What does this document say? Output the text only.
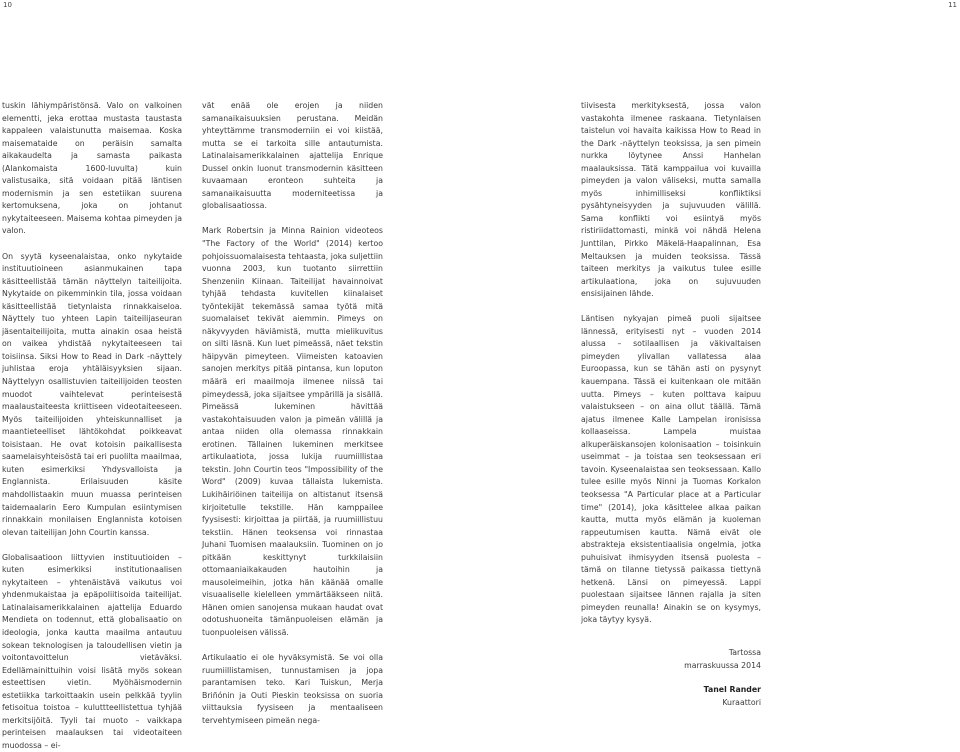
10	11

tuskin lähiympäristönsä. Valo on valkoinen elementti, jeka erottaa mustasta taustasta kappaleen valaistunutta maisemaa. Koska maisemataide on peräisin samalta aikakaudelta ja samasta paikasta (Alankomaista 1600-luvulta) kuin valistusaika, sitä voidaan pitää läntisen modernismin ja sen estetiikan suurena kertomuksena, joka on johtanut nykytaiteeseen. Maisema kohtaa pimeyden ja valon.

On syytä kyseenalaistaa, onko nykytaide instituutioineen asianmukainen tapa käsitteellistää tämän näyttelyn taiteilijoita. Nykytaide on pikemminkin tila, jossa voidaan käsitteellistää tietynlaista rinnakkaiseloa. Näyttely tuo yhteen Lapin taiteilijaseuran jäsentaiteilijoita, mutta ainakin osaa heistä on vaikea yhdistää nykytaiteeseen tai toisiinsa. Siksi How to Read in Dark -näyttely juhlistaa eroja yhtäläisyyksien sijaan. Näyttelyyn osallistuvien taiteilijoiden teosten muodot vaihtelevat perinteisestä maalaustaiteesta kriittiseen videotaiteeseen. Myös taiteilijoiden yhteiskunnalliset ja maantieteelliset lähtökohdat poikkeavat toisistaan. He ovat kotoisin paikallisesta saamelaisyhteisöstä tai eri puolilta maailmaa, kuten esimerkiksi Yhdysvalloista ja Englannista. Erilaisuuden käsite mahdollistaakin muun muassa perinteisen taidemaalarin Eero Kumpulan esiintymisen rinnakkain monilaisen Englannista kotoisen olevan taiteilijan John Courtin kanssa.

Globalisaatioon liittyvien instituutioiden – kuten esimerkiksi institutionaalisen nykytaiteen – yhtenäistävä vaikutus voi yhdenmukaistaa ja epäpoliitisoida taiteilijat. Latinalaisamerikkalainen ajattelija Eduardo Mendieta on todennut, että globalisaatio on ideologia, jonka kautta maailma antautuu sokean teknologisen ja taloudellisen vietin ja voitontavoittelun vietäväksi. Edellämainittuihin voisi lisätä myös sokean esteettisen vietin. Myöhäismodernin estetiikka tarkoittaakin usein pelkkää tyylin fetisoitua toistoa – kuluttteellistettua tyhjää merkitsijöitä. Tyyli tai muoto – vaikkapa perinteisen maalauksen tai videotaiteen muodossa – ei-

vät enää ole erojen ja niiden samanaikaisuuksien perustana. Meidän yhteyttämme transmoderniin ei voi kiistää, mutta se ei tarkoita sille antautumista. Latinalaisamerikkalainen ajattelija Enrique Dussel onkin luonut transmodernin käsitteen kuvaamaan eronteon suhteita ja samanaikaisuutta moderniteetissa ja globalisaatiossa.

Mark Robertsin ja Minna Rainion videoteos "The Factory of the World" (2014) kertoo pohjoissuomalaisesta tehtaasta, joka suljettiin vuonna 2003, kun tuotanto siirrettiin Shenzeniin Kiinaan. Taiteilijat havainnoivat tyhjää tehdasta kuvitellen kiinalaiset työntekijät tekemässä samaa työtä mitä suomalaiset tekivät aiemmin. Pimeys on näkyvyyden häviämistä, mutta mielikuvitus on silti läsnä. Kun luet pimeässä, näet tekstin häipyvän pimeyteen. Viimeisten katoavien sanojen merkitys pitää pintansa, kun loputon määrä eri maailmoja ilmenee niissä tai pimeydessä, joka sijaitsee ympärillä ja sisällä. Pimeässä lukeminen hävittää vastakohtaisuuden valon ja pimeän välillä ja antaa niiden olla olemassa rinnakkain erotinen. Tällainen lukeminen merkitsee artikulaatiota, jossa lukija ruumiillistaa tekstin. John Courtin teos "Impossibility of the Word" (2009) kuvaa tällaista lukemista. Lukihäiriöinen taiteilija on altistanut itsensä kirjoitetulle tekstille. Hän kamppailee fyysisesti: kirjoittaa ja piirtää, ja ruumiillistuu tekstiin. Hänen teoksensa voi rinnastaa Juhani Tuomisen maalauksiin. Tuominen on jo pitkään keskittynyt turkkilaisiin ottomaaniaikakauden hautoihin ja mausoleimeihin, jotka hän käänää omalle visuaaliselle kielelleen ymmärtääkseen niitä. Hänen omien sanojensa mukaan haudat ovat odotushuoneita tämänpuoleisen elämän ja tuonpuoleisen välissä.

Artikulaatio ei ole hyväksymistä. Se voi olla ruumiillistamisen, tunnustamisen ja jopa parantamisen teko. Kari Tuiskun, Merja Briñónin ja Outi Pieskin teoksissa on suoria viittauksia fyysiseen ja mentaaliseen tervehtymiseen pimeän nega-

tiivisesta merkityksestä, jossa valon vastakohta ilmenee raskaana. Tietynlaisen taistelun voi havaita kaikissa How to Read in the Dark -näyttelyn teoksissa, ja sen pimein nurkka löytynee Anssi Hanhelan maalauksissa. Tätä kamppailua voi kuvailla pimeyden ja valon väliseksi, mutta samalla myös inhimilliseksi konfliktiksi pysähtyneisyyden ja sujuvuuden välillä. Sama konflikti voi esiintyä myös ristiriidattomasti, minkä voi nähdä Helena Junttilan, Pirkko Mäkelä-Haapalinnan, Esa Meltauksen ja muiden teoksissa. Tässä taiteen merkitys ja vaikutus tulee esille artikulaationa, joka on sujuvuuden ensisijainen lähde.

Läntisen nykyajan pimeä puoli sijaitsee lännessä, erityisesti nyt – vuoden 2014 alussa – sotilaallisen ja väkivaltaisen pimeyden ylivallan vallatessa alaa Euroopassa, kun se tähän asti on pysynyt kauempana. Tässä ei kuitenkaan ole mitään uutta. Pimeys – kuten polttava kaipuu valaistukseen – on aina ollut täällä. Tämä ajatus ilmenee Kalle Lampelan ironisissa kollaaseissa. Lampela muistaa alkuperäiskansojen kolonisaation – toisinkuin useimmat – ja toistaa sen teoksessaan eri tavoin. Kyseenalaistaa sen teoksessaan. Kallo tulee esille myös Ninni ja Tuomas Korkalon teoksessa "A Particular place at a Particular time" (2014), joka käsittelee alkaa paikan kautta, mutta myös elämän ja kuoleman rappeutumisen kautta. Nämä eivät ole abstrakteja eksistentiaalisia ongelmia, jotka puhuisivat ihmisyyden itsensä puolesta – tämä on tilanne tietyssä paikassa tiettynä hetkenä. Länsi on pimeyessä. Lappi puolestaan sijaitsee lännen rajalla ja siten pimeyden reunalla! Ainakin se on kysymys, joka täytyy kysyä.

Tartossa
marraskuussa 2014
Tanel Rander
Kuraattori
